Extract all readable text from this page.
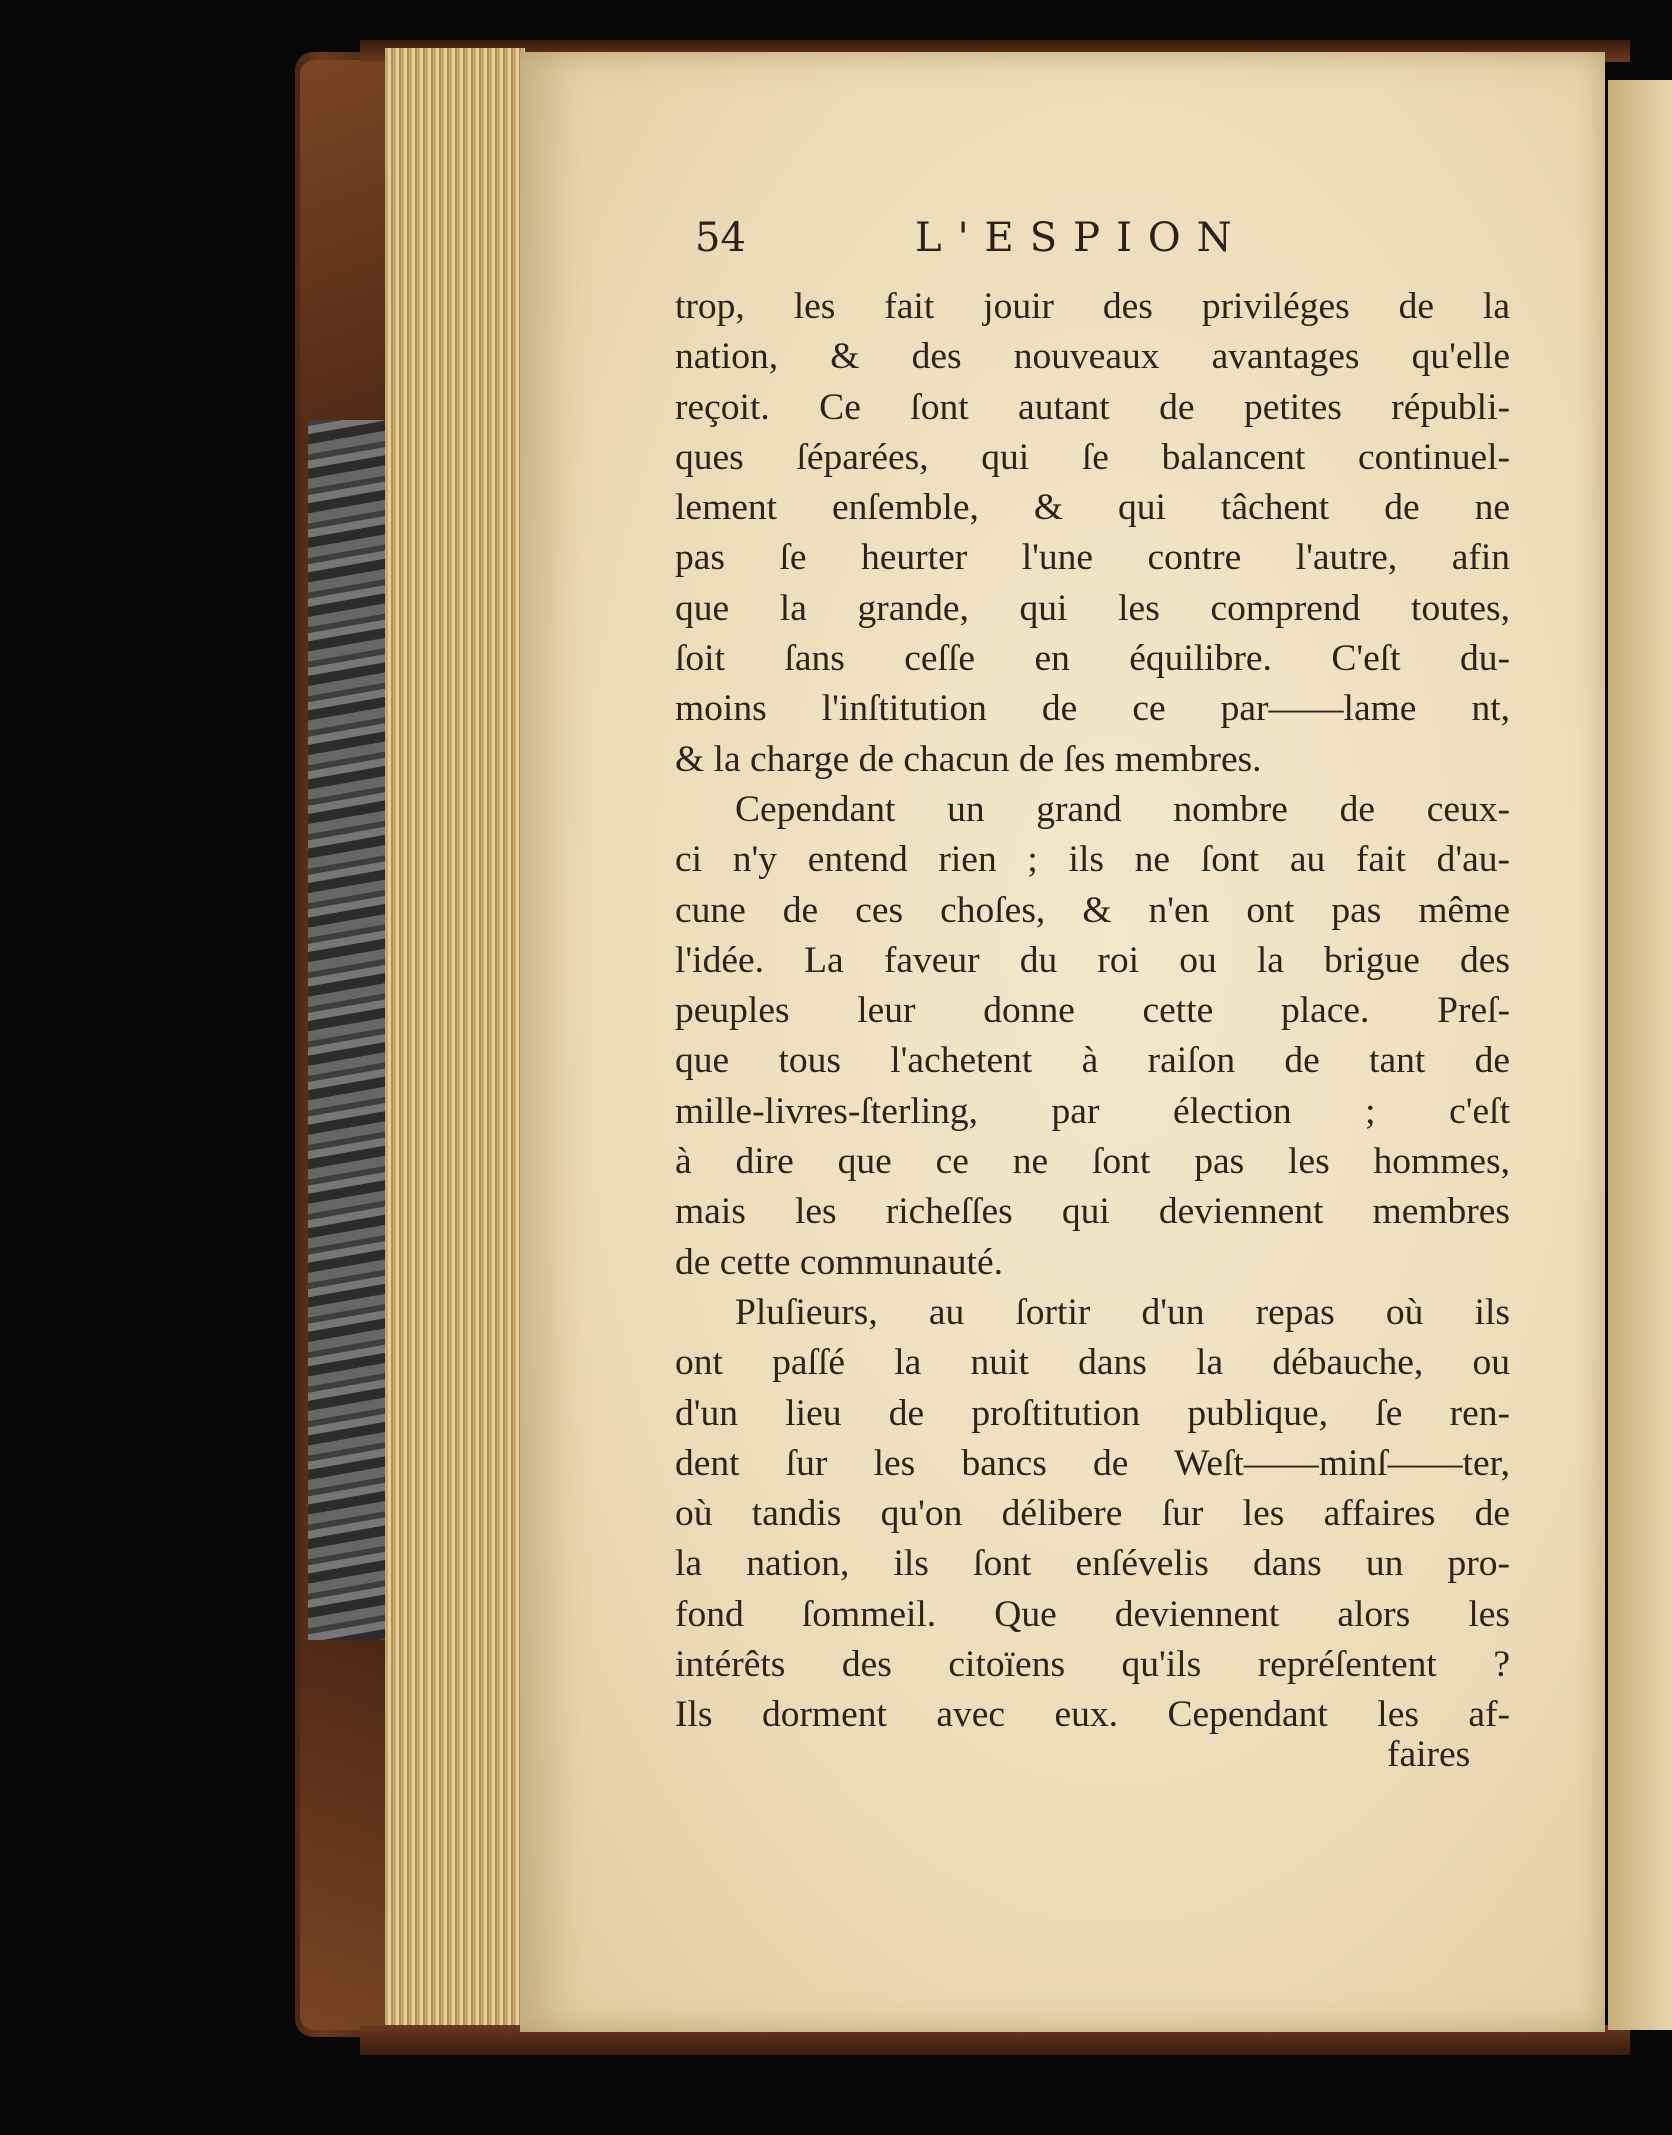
54	L'ESPION
trop, les fait jouir des priviléges de la
nation, & des nouveaux avantages qu'elle
reçoit. Ce ſont autant de petites républi-
ques ſéparées, qui ſe balancent continuel-
lement enſemble, & qui tâchent de ne
pas ſe heurter l'une contre l'autre, afin
que la grande, qui les comprend toutes,
ſoit ſans ceſſe en équilibre. C'eſt du-
moins l'inſtitution de ce par——lame nt,
& la charge de chacun de ſes membres.
Cependant un grand nombre de ceux-
ci n'y entend rien ; ils ne ſont au fait d'au-
cune de ces choſes, & n'en ont pas même
l'idée. La faveur du roi ou la brigue des
peuples leur donne cette place. Preſ-
que tous l'achetent à raiſon de tant de
mille-livres-ſterling, par élection ; c'eſt
à dire que ce ne ſont pas les hommes,
mais les richeſſes qui deviennent membres
de cette communauté.
Pluſieurs, au ſortir d'un repas où ils
ont paſſé la nuit dans la débauche, ou
d'un lieu de proſtitution publique, ſe ren-
dent ſur les bancs de Weſt——minſ——ter,
où tandis qu'on délibere ſur les affaires de
la nation, ils ſont enſévelis dans un pro-
fond ſommeil. Que deviennent alors les
intérêts des citoïens qu'ils repréſentent ?
Ils dorment avec eux. Cependant les af-
faires
